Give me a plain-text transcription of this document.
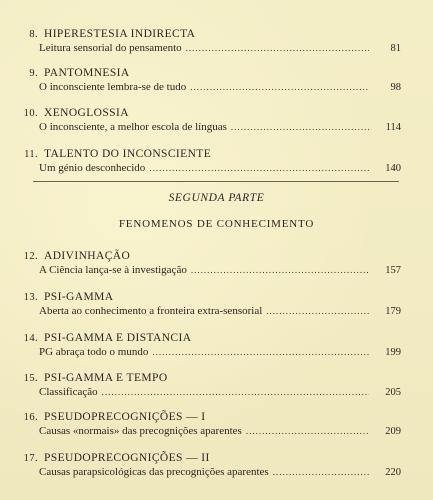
8. HIPERESTESIA INDIRECTA
Leitura sensorial do pensamento .....	81
9. PANTOMNESIA
O inconsciente lembra-se de tudo .....	98
10. XENOGLOSSIA
O inconsciente, a melhor escola de línguas .....	114
11. TALENTO DO INCONSCIENTE
Um génio desconhecido .....	140
SEGUNDA PARTE
FENOMENOS DE CONHECIMENTO
12. ADIVINHAÇÃO
A Ciência lança-se à investigação .....	157
13. PSI-GAMMA
Aberta ao conhecimento a fronteira extra-sensorial .....	179
14. PSI-GAMMA E DISTANCIA
PG abraça todo o mundo .....	199
15. PSI-GAMMA E TEMPO
Classificação .....	205
16. PSEUDOPRECOGNIÇÕES — I
Causas «normais» das precognições aparentes .....	209
17. PSEUDOPRECOGNIÇÕES — II
Causas parapsicológicas das precognições aparentes .....	220
